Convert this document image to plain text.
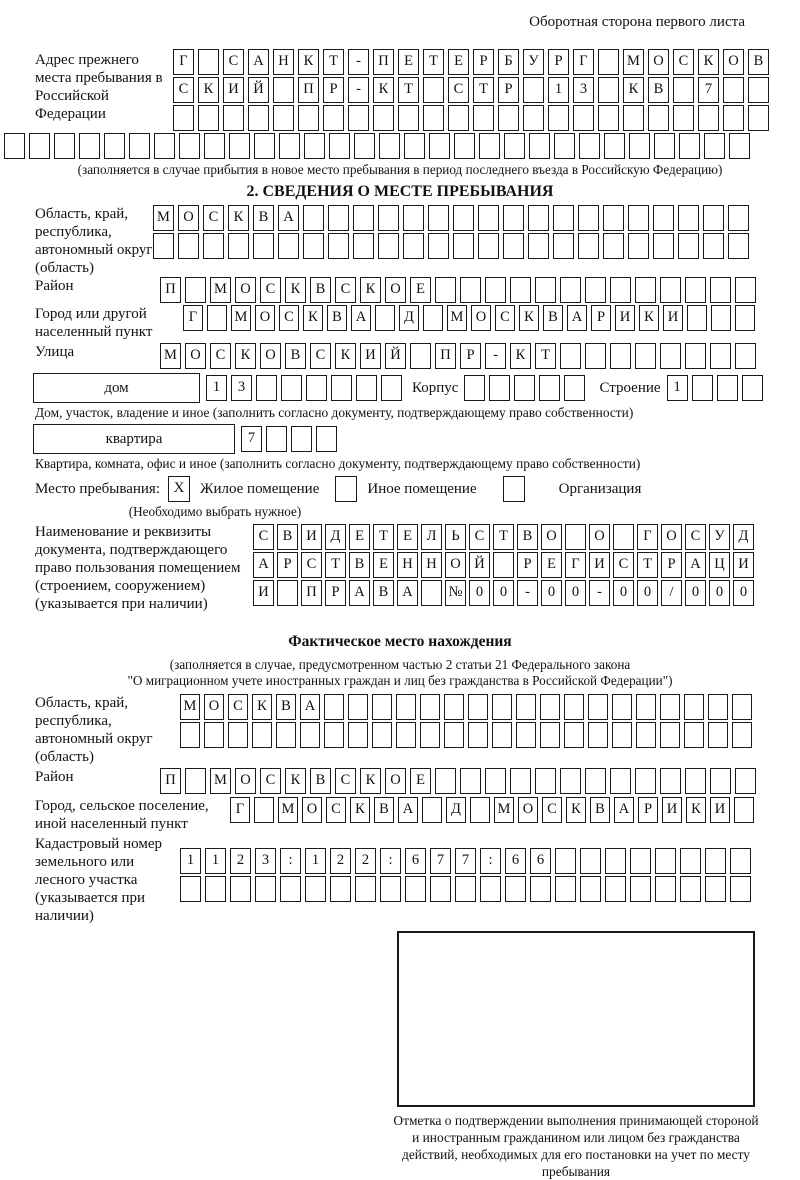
Оборотная сторона первого листа
Адрес прежнего места пребывания в Российской Федерации
Г	С	А	Н	К	Т	-	П	Е	Т	Е	Р	Б	У	Р	Г	М О	С	К	О	В
С	К	И	Й	П	Р	-	К	Т	С	Т	Р	1	3	К	В	7
(заполняется в случае прибытия в новое место пребывания в период последнего въезда в Российскую Федерацию)
2. СВЕДЕНИЯ О МЕСТЕ ПРЕБЫВАНИЯ
Область, край, республика, автономный округ (область)
М О	С	К	В	А
Район	П	М О	С	К	В	С	К	О	Е
Город или другой населенный пункт
Г	М О С К В А	Д	М О С К В А	Р	И К И
Улица	М О	С	К	О	В	С	К	И	Й	П	Р	-	К	Т
дом	1	3	Корпус	Строение 1
Дом, участок, владение и иное (заполнить согласно документу, подтверждающему право собственности)
квартира	7
Квартира, комната, офис и иное (заполнить согласно документу, подтверждающему право собственности)
Место пребывания: X	Жилое помещение	Иное помещение	Организация
(Необходимо выбрать нужное)
Наименование и реквизиты документа, подтверждающего право пользования помещением (строением, сооружением) (указывается при наличии)
С В И Д	Е	Т	Е	Л	Ь	С	Т	В О	О	Г	О С У Д
А	Р	С	Т	В	Е Н Н О Й	Р	Е	Г	И С	Т	Р	А Ц И
И	П	Р	А В А	№ 0	0	-	0	0	-	0	0	/	0	0	0
Фактическое место нахождения
(заполняется в случае, предусмотренном частью 2 статьи 21 Федерального закона
"О миграционном учете иностранных граждан и лиц без гражданства в Российской Федерации")
Область, край, республика, автономный округ (область)
М О С К В А
Район	П	М О	С	К	В	С	К	О	Е
Город, сельское поселение, иной населенный пункт
Г	М О С К В А	Д	М О С К В А	Р	И К И
Кадастровый номер земельного или лесного участка (указывается при наличии)
1	1	2	3	:	1	2	2	:	6	7	7	:	6	6
Отметка о подтверждении выполнения принимающей стороной и иностранным гражданином или лицом без гражданства действий, необходимых для его постановки на учет по месту пребывания
